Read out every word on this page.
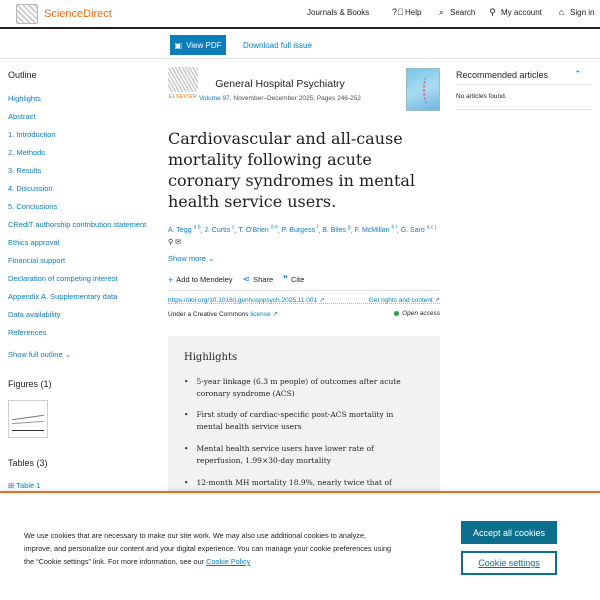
ScienceDirect	Journals & Books	?⃝ Help ⌕ Search ⚲ My account ⌂ Sign in
▣ View PDF	Download full issue
Outline
Highlights
Abstract
1. Introduction
2. Methods
3. Results
4. Discussion
5. Conclusions
CRediT authorship contribution statement
Ethics approval
Financial support
Declaration of competing interest
Appendix A. Supplementary data
Data availability
References
Show full outline ⌄
Figures (1)
Tables (3)
⊞ Table 1
ELSEVIER
General Hospital Psychiatry
Volume 97, November–December 2025, Pages 246-252
Cardiovascular and all-cause mortality following acute coronary syndromes in mental health service users.
A. Tegg $^{a b}$, J. Curtis $^c$, T. O'Brien $^{d e}$, P. Burgess $^f$, B. Biles $^g$, F. McMillan $^{h i}$, G. Saro $^{a c j}$ ⚲ ✉
Show more ⌄
+ Add to Mendeley ⋖ Share ❞ Cite
https://doi.org/10.1016/j.genhosppsych.2025.11.001 ↗	Get rights and content ↗
Under a Creative Commons license ↗	Open access
Highlights
• 5-year linkage (6.3 m people) of outcomes after acute coronary syndrome (ACS)
• First study of cardiac-specific post-ACS mortality in mental health service users
• Mental health service users have lower rate of reperfusion, 1.99×30-day mortality
• 12-month MH mortality 18.9%, nearly twice that of
Recommended articles	⌃
No articles found.
We use cookies that are necessary to make our site work. We may also use additional cookies to analyze, improve, and personalize our content and your digital experience. You can manage your cookie preferences using the “Cookie settings” link. For more information, see our Cookie Policy
Accept all cookies
Cookie settings
